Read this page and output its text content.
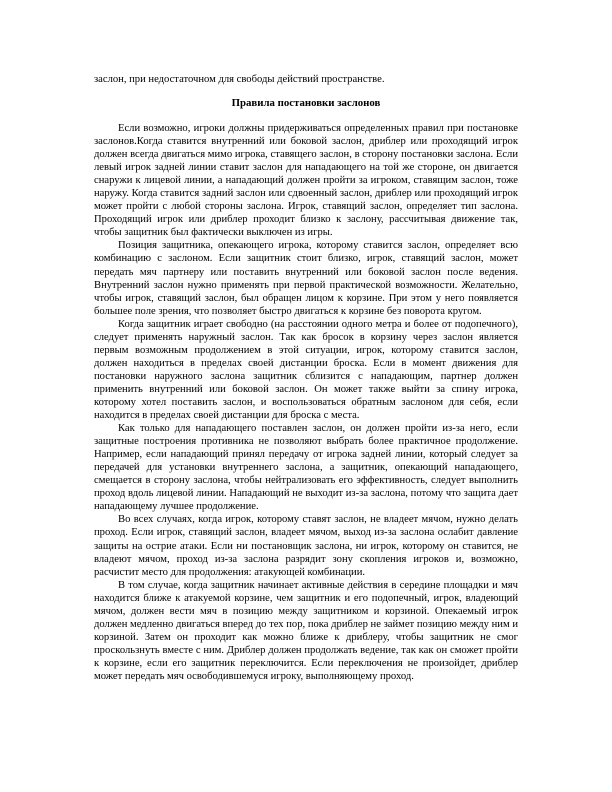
заслон, при недостаточном для свободы действий пространстве.

Правила постановки заслонов

Если возможно, игроки должны придерживаться определенных правил при постановке заслонов.Когда ставится внутренний или боковой заслон, дриблер или проходящий игрок должен всегда двигаться мимо игрока, ставящего заслон, в сторону постановки заслона. Если левый игрок задней линии ставит заслон для нападающего на той же стороне, он двигается снаружи к лицевой линии, а нападающий должен пройти за игроком, ставящим заслон, тоже наружу. Когда ставится задний заслон или сдвоенный заслон, дриблер или проходящий игрок может пройти с любой стороны заслона. Игрок, ставящий заслон, определяет тип заслона. Проходящий игрок или дриблер проходит близко к заслону, рассчитывая движение так, чтобы защитник был фактически выключен из игры.

Позиция защитника, опекающего игрока, которому ставится заслон, определяет всю комбинацию с заслоном. Если защитник стоит близко, игрок, ставящий заслон, может передать мяч партнеру или поставить внутренний или боковой заслон после ведения. Внутренний заслон нужно применять при первой практической возможности. Желательно, чтобы игрок, ставящий заслон, был обращен лицом к корзине. При этом у него появляется большее поле зрения, что позволяет быстро двигаться к корзине без поворота кругом.

Когда защитник играет свободно (на расстоянии одного метра и более от подопечного), следует применять наружный заслон. Так как бросок в корзину через заслон является первым возможным продолжением в этой ситуации, игрок, которому ставится заслон, должен находиться в пределах своей дистанции броска. Если в момент движения для постановки наружного заслона защитник сблизится с нападающим, партнер должен применить внутренний или боковой заслон. Он может также выйти за спину игрока, которому хотел поставить заслон, и воспользоваться обратным заслоном для себя, если находится в пределах своей дистанции для броска с места.

Как только для нападающего поставлен заслон, он должен пройти из-за него, если защитные построения противника не позволяют выбрать более практичное продолжение. Например, если нападающий принял передачу от игрока задней линии, который следует за передачей для установки внутреннего заслона, а защитник, опекающий нападающего, смещается в сторону заслона, чтобы нейтрализовать его эффективность, следует выполнить проход вдоль лицевой линии. Нападающий не выходит из-за заслона, потому что защита дает нападающему лучшее продолжение.

Во всех случаях, когда игрок, которому ставят заслон, не владеет мячом, нужно делать проход. Если игрок, ставящий заслон, владеет мячом, выход из-за заслона ослабит давление защиты на острие атаки. Если ни постановщик заслона, ни игрок, которому он ставится, не владеют мячом, проход из-за заслона разрядит зону скопления игроков и, возможно, расчистит место для продолжения: атакующей комбинации.

В том случае, когда защитник начинает активные действия в середине площадки и мяч находится ближе к атакуемой корзине, чем защитник и его подопечный, игрок, владеющий мячом, должен вести мяч в позицию между защитником и корзиной. Опекаемый игрок должен медленно двигаться вперед до тех пор, пока дриблер не займет позицию между ним и корзиной. Затем он проходит как можно ближе к дриблеру, чтобы защитник не смог проскользнуть вместе с ним. Дриблер должен продолжать ведение, так как он сможет пройти к корзине, если его защитник переключится. Если переключения не произойдет, дриблер может передать мяч освободившемуся игроку, выполняющему проход.
